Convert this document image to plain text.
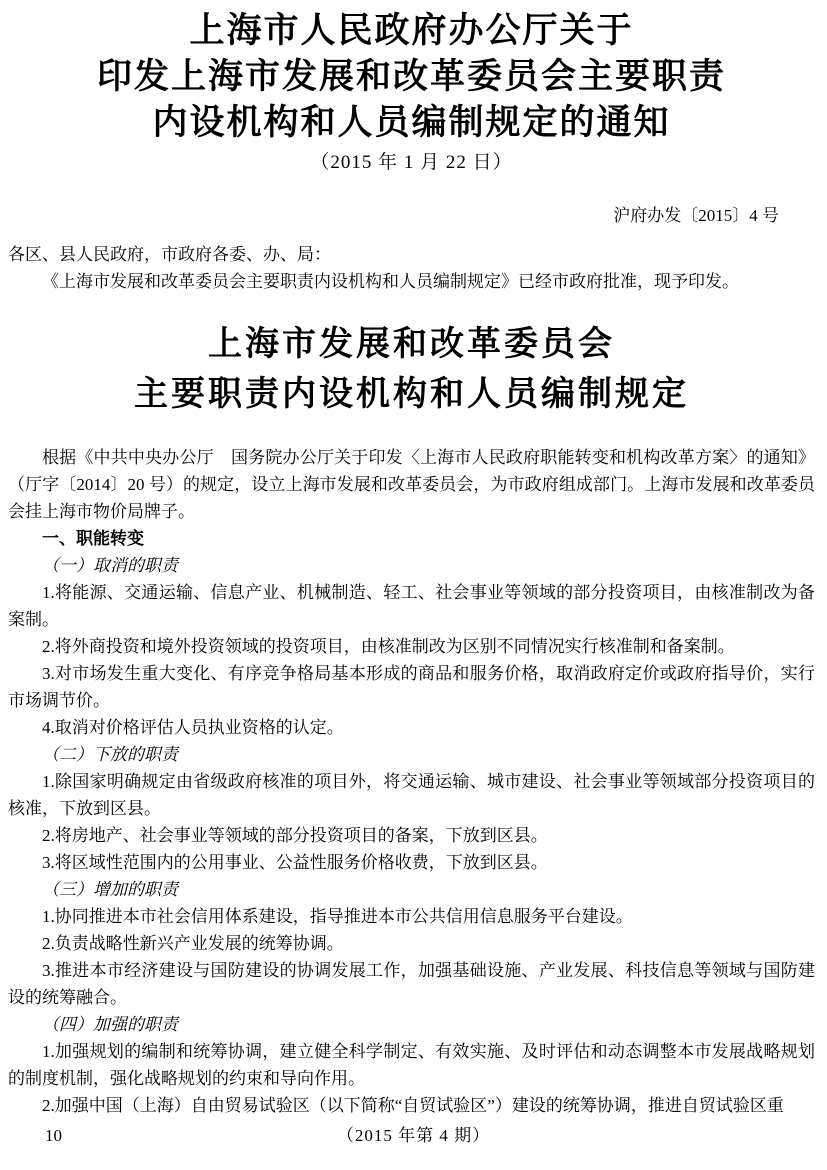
上海市人民政府办公厅关于
印发上海市发展和改革委员会主要职责
内设机构和人员编制规定的通知
（2015 年 1 月 22 日）
沪府办发〔2015〕4 号

各区、县人民政府，市政府各委、办、局：

《上海市发展和改革委员会主要职责内设机构和人员编制规定》已经市政府批准，现予印发。

上海市发展和改革委员会
主要职责内设机构和人员编制规定

根据《中共中央办公厅　国务院办公厅关于印发〈上海市人民政府职能转变和机构改革方案〉的通知》（厅字〔2014〕20 号）的规定，设立上海市发展和改革委员会，为市政府组成部门。上海市发展和改革委员会挂上海市物价局牌子。

一、职能转变

（一）取消的职责

1.将能源、交通运输、信息产业、机械制造、轻工、社会事业等领域的部分投资项目，由核准制改为备案制。

2.将外商投资和境外投资领域的投资项目，由核准制改为区别不同情况实行核准制和备案制。

3.对市场发生重大变化、有序竞争格局基本形成的商品和服务价格，取消政府定价或政府指导价，实行市场调节价。

4.取消对价格评估人员执业资格的认定。

（二）下放的职责

1.除国家明确规定由省级政府核准的项目外，将交通运输、城市建设、社会事业等领域部分投资项目的核准，下放到区县。

2.将房地产、社会事业等领域的部分投资项目的备案，下放到区县。

3.将区域性范围内的公用事业、公益性服务价格收费，下放到区县。

（三）增加的职责

1.协同推进本市社会信用体系建设，指导推进本市公共信用信息服务平台建设。

2.负责战略性新兴产业发展的统筹协调。

3.推进本市经济建设与国防建设的协调发展工作，加强基础设施、产业发展、科技信息等领域与国防建设的统筹融合。

（四）加强的职责

1.加强规划的编制和统筹协调，建立健全科学制定、有效实施、及时评估和动态调整本市发展战略规划的制度机制，强化战略规划的约束和导向作用。

2.加强中国（上海）自由贸易试验区（以下简称“自贸试验区”）建设的统筹协调，推进自贸试验区重

10	（2015 年第 4 期）
